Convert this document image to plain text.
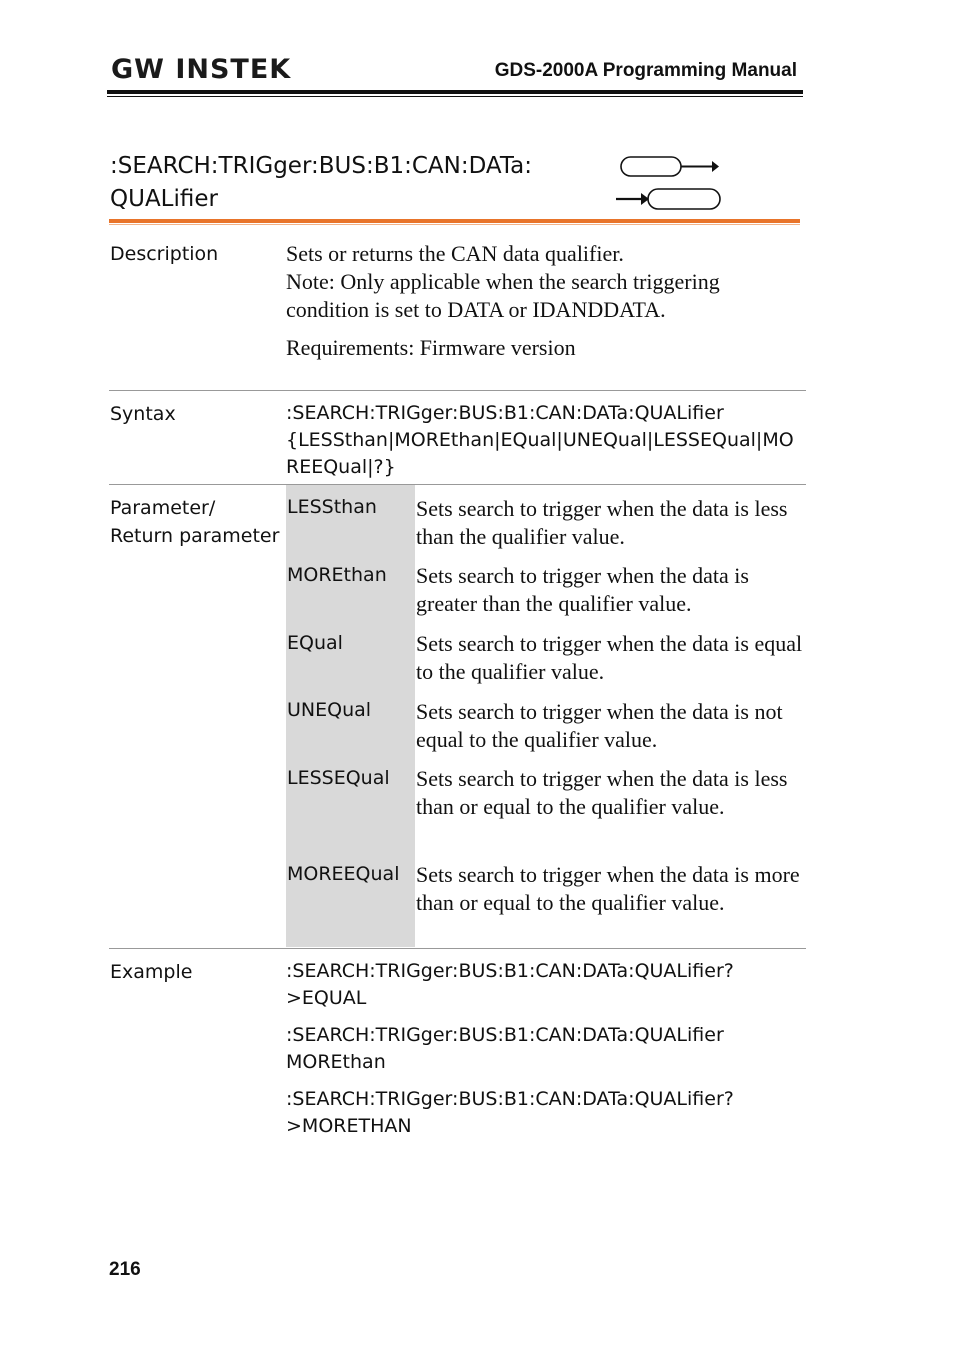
GW INSTEK	GDS-2000A Programming Manual
:SEARCH:TRIGger:BUS:B1:CAN:DATa:
QUALifier
Description	Sets or returns the CAN data qualifier.

Note: Only applicable when the search triggering condition is set to DATA or IDANDDATA.

Requirements: Firmware version

Syntax	:SEARCH:TRIGger:BUS:B1:CAN:DATa:QUALifier {LESSthan|MOREthan|EQual|UNEQual|LESSEQual|MOREEQual|?}
Parameter/
Return parameter
LESSthan Sets search to trigger when the data is less than the qualifier value.
MOREthan Sets search to trigger when the data is greater than the qualifier value.
EQual	Sets search to trigger when the data is equal to the qualifier value.
UNEQual Sets search to trigger when the data is not equal to the qualifier value.
LESSEQual Sets search to trigger when the data is less than or equal to the qualifier value.
MOREEQual Sets search to trigger when the data is more than or equal to the qualifier value.
Example	:SEARCH:TRIGger:BUS:B1:CAN:DATa:QUALifier?
>EQUAL

:SEARCH:TRIGger:BUS:B1:CAN:DATa:QUALifier
MOREthan

:SEARCH:TRIGger:BUS:B1:CAN:DATa:QUALifier?
>MORETHAN

216
